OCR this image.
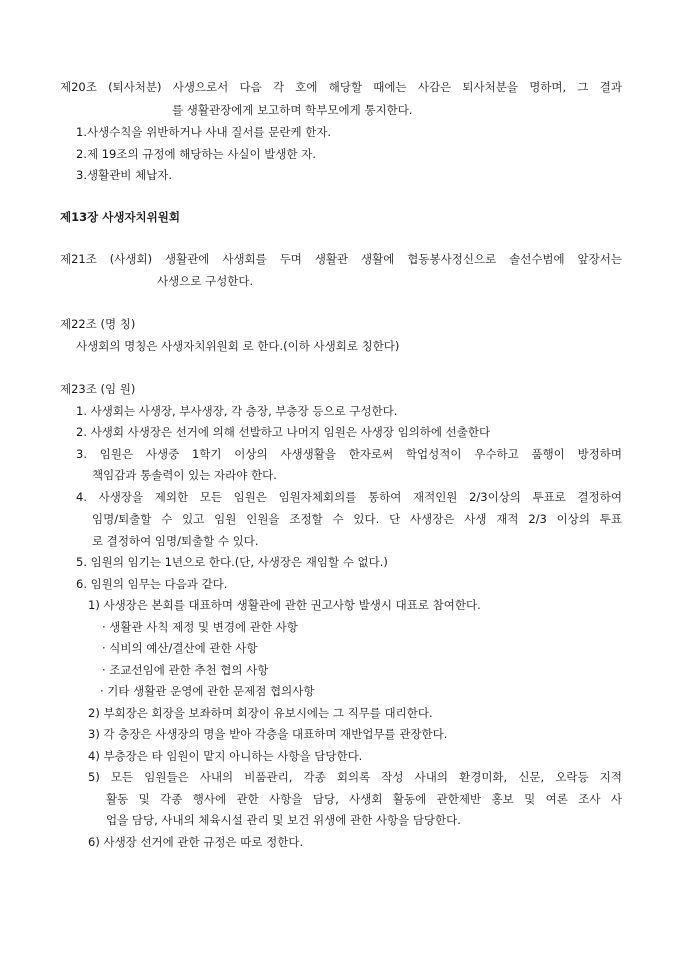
제20조 (퇴사처분) 사생으로서 다음 각 호에 해당할 때에는 사감은 퇴사처분을 명하며, 그 결과
를 생활관장에게 보고하며 학부모에게 통지한다.
1.사생수칙을 위반하거나 사내 질서를 문란케 한자.
2.제 19조의 규정에 해당하는 사실이 발생한 자.
3.생활관비 체납자.
제13장 사생자치위원회
제21조 (사생회) 생활관에 사생회를 두며 생활관 생활에 협동봉사정신으로 솔선수범에 앞장서는
사생으로 구성한다.
제22조 (명 칭)
사생회의 명칭은 사생자치위원회 로 한다.(이하 사생회로 칭한다)
제23조 (임 원)
1. 사생회는 사생장, 부사생장, 각 층장, 부층장 등으로 구성한다.
2. 사생회 사생장은 선거에 의해 선발하고 나머지 임원은 사생장 임의하에 선출한다
3. 임원은 사생중 1학기 이상의 사생생활을 한자로써 학업성적이 우수하고 품행이 방정하며
책임감과 통솔력이 있는 자라야 한다.
4. 사생장을 제외한 모든 임원은 임원자체회의를 통하여 재적인원 2/3이상의 투표로 결정하여
임명/퇴출할 수 있고 임원 인원을 조정할 수 있다. 단 사생장은 사생 재적 2/3 이상의 투표
로 결정하여 임명/퇴출할 수 있다.
5. 임원의 임기는 1년으로 한다.(단, 사생장은 재임할 수 없다.)
6. 임원의 임무는 다음과 같다.
1) 사생장은 본회를 대표하며 생활관에 관한 권고사항 발생시 대표로 참여한다.
· 생활관 사칙 제정 및 변경에 관한 사항
· 식비의 예산/결산에 관한 사항
· 조교선임에 관한 추천 협의 사항
· 기타 생활관 운영에 관한 문제점 협의사항
2) 부회장은 회장을 보좌하며 회장이 유보시에는 그 직무를 대리한다.
3) 각 층장은 사생장의 명을 받아 각층을 대표하며 재반업무를 관장한다.
4) 부층장은 타 임원이 맡지 아니하는 사항을 담당한다.
5) 모든 임원들은 사내의 비품관리, 각종 회의록 작성 사내의 환경미화, 신문, 오락등 지적
활동 및 각종 행사에 관한 사항을 담당, 사생회 활동에 관한제반 홍보 및 여론 조사 사
업을 담당, 사내의 체육시설 관리 및 보건 위생에 관한 사항을 담당한다.
6) 사생장 선거에 관한 규정은 따로 정한다.
